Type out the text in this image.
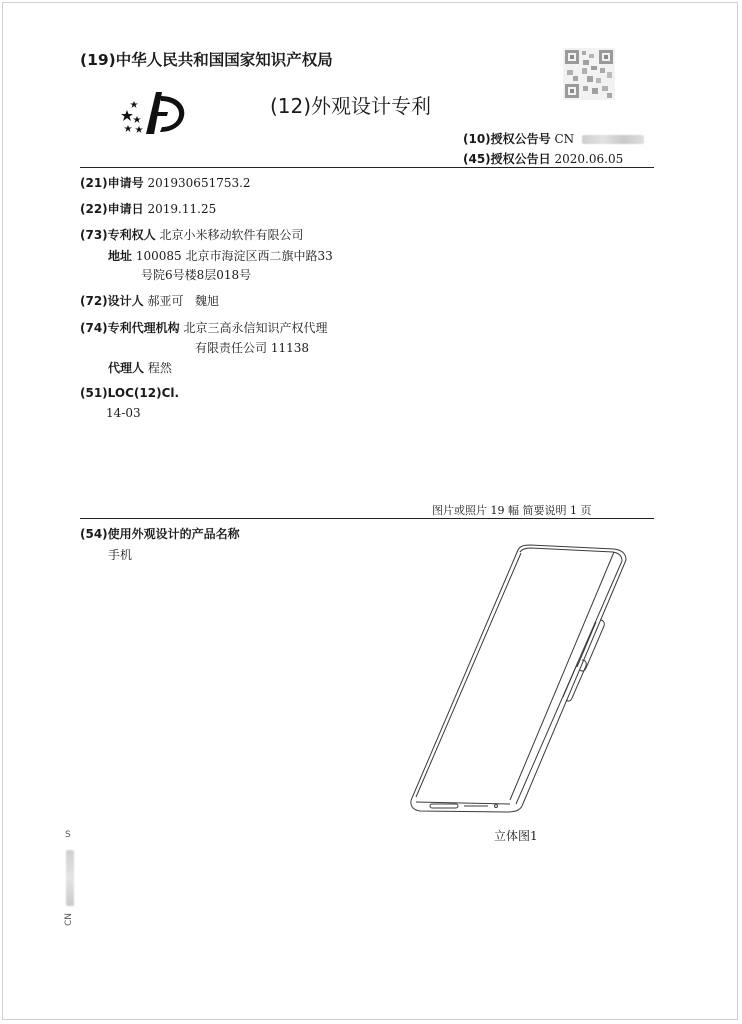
(19)中华人民共和国国家知识产权局
(12)外观设计专利
(10)授权公告号 CN
(45)授权公告日 2020.06.05
(21)申请号 201930651753.2
(22)申请日 2019.11.25
(73)专利权人 北京小米移动软件有限公司
地址 100085 北京市海淀区西二旗中路33
号院6号楼8层018号
(72)设计人 郝亚可   魏旭
(74)专利代理机构 北京三高永信知识产权代理
有限责任公司 11138
代理人 程然
(51)LOC(12)Cl.
14-03
图片或照片 19 幅 简要说明 1 页
(54)使用外观设计的产品名称
手机
立体图1
S
CN
